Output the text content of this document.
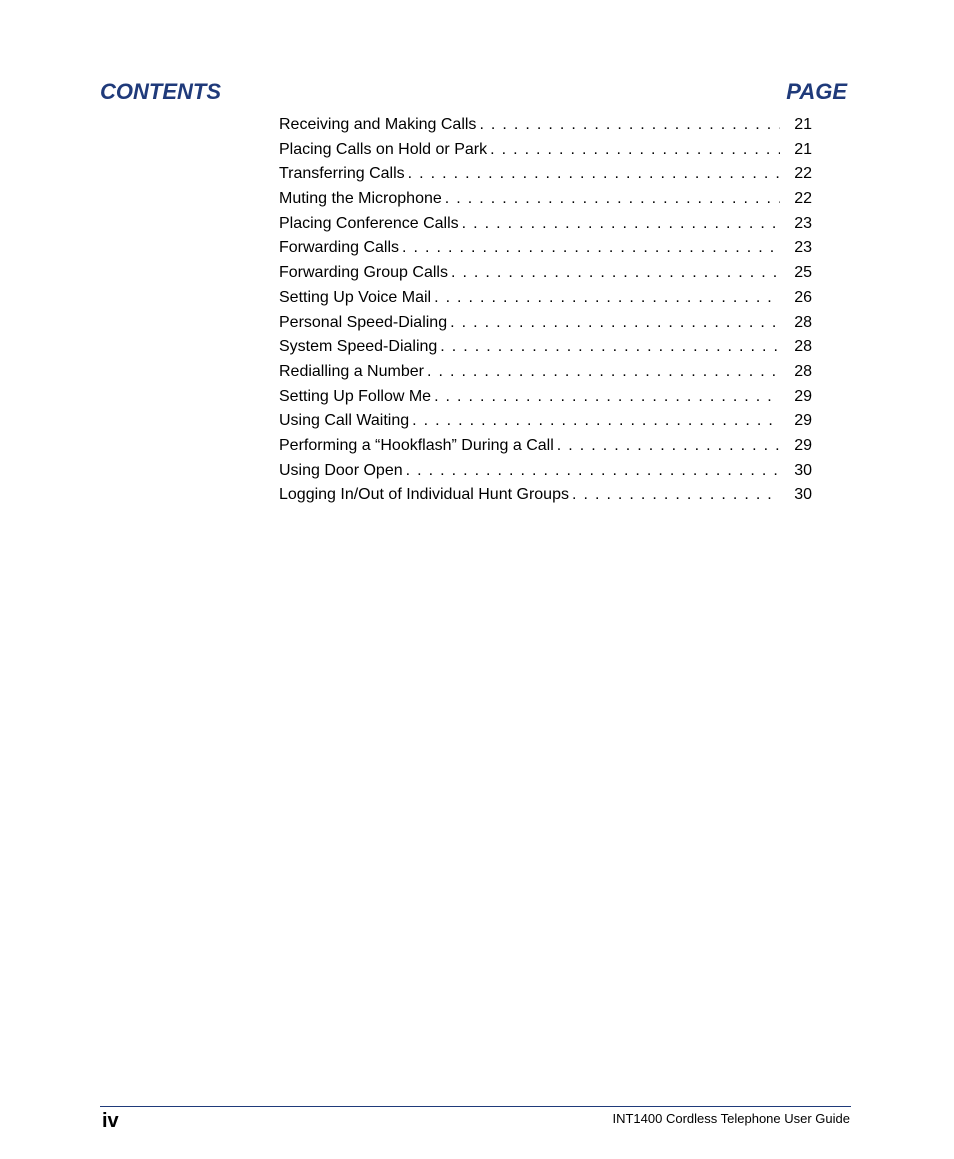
CONTENTS	PAGE
Receiving and Making Calls . . .	21
Placing Calls on Hold or Park . . .	21
Transferring Calls . . .	22
Muting the Microphone . . .	22
Placing Conference Calls . . .	23
Forwarding Calls . . .	23
Forwarding Group Calls . . .	25
Setting Up Voice Mail . . .	26
Personal Speed-Dialing . . .	28
System Speed-Dialing . . .	28
Redialling a Number . . .	28
Setting Up Follow Me . . .	29
Using Call Waiting . . .	29
Performing a “Hookflash” During a Call . . .	29
Using Door Open . . .	30
Logging In/Out of Individual Hunt Groups . . .	30
iv	INT1400 Cordless Telephone User Guide
